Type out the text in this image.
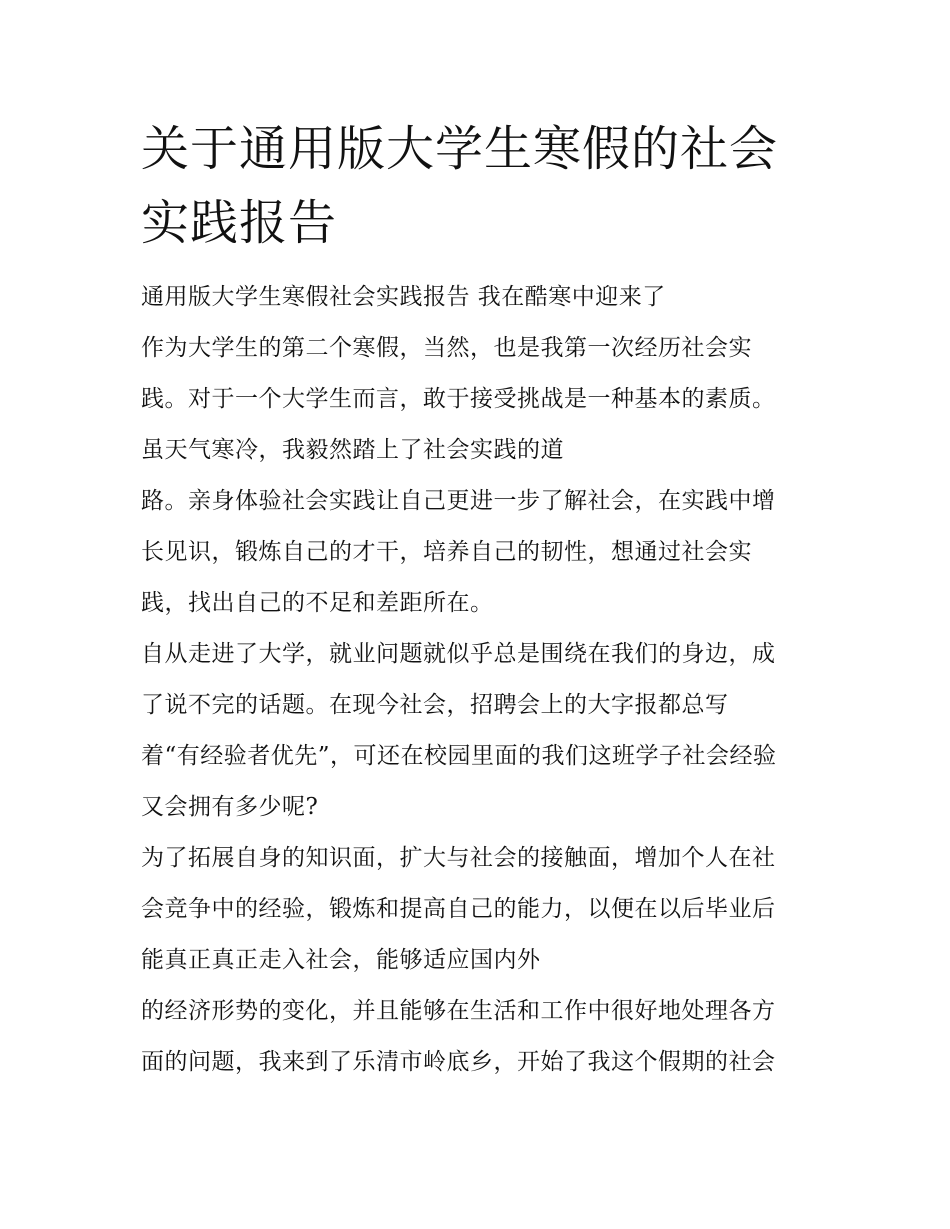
关于通用版大学生寒假的社会
实践报告
通用版大学生寒假社会实践报告 我在酷寒中迎来了
作为大学生的第二个寒假，当然，也是我第一次经历社会实
践。对于一个大学生而言，敢于接受挑战是一种基本的素质。
虽天气寒冷，我毅然踏上了社会实践的道
路。亲身体验社会实践让自己更进一步了解社会，在实践中增
长见识，锻炼自己的才干，培养自己的韧性，想通过社会实
践，找出自己的不足和差距所在。
自从走进了大学，就业问题就似乎总是围绕在我们的身边，成
了说不完的话题。在现今社会，招聘会上的大字报都总写
着“有经验者优先”，可还在校园里面的我们这班学子社会经验
又会拥有多少呢?
为了拓展自身的知识面，扩大与社会的接触面，增加个人在社
会竞争中的经验，锻炼和提高自己的能力，以便在以后毕业后
能真正真正走入社会，能够适应国内外
的经济形势的变化，并且能够在生活和工作中很好地处理各方
面的问题，我来到了乐清市岭底乡，开始了我这个假期的社会
